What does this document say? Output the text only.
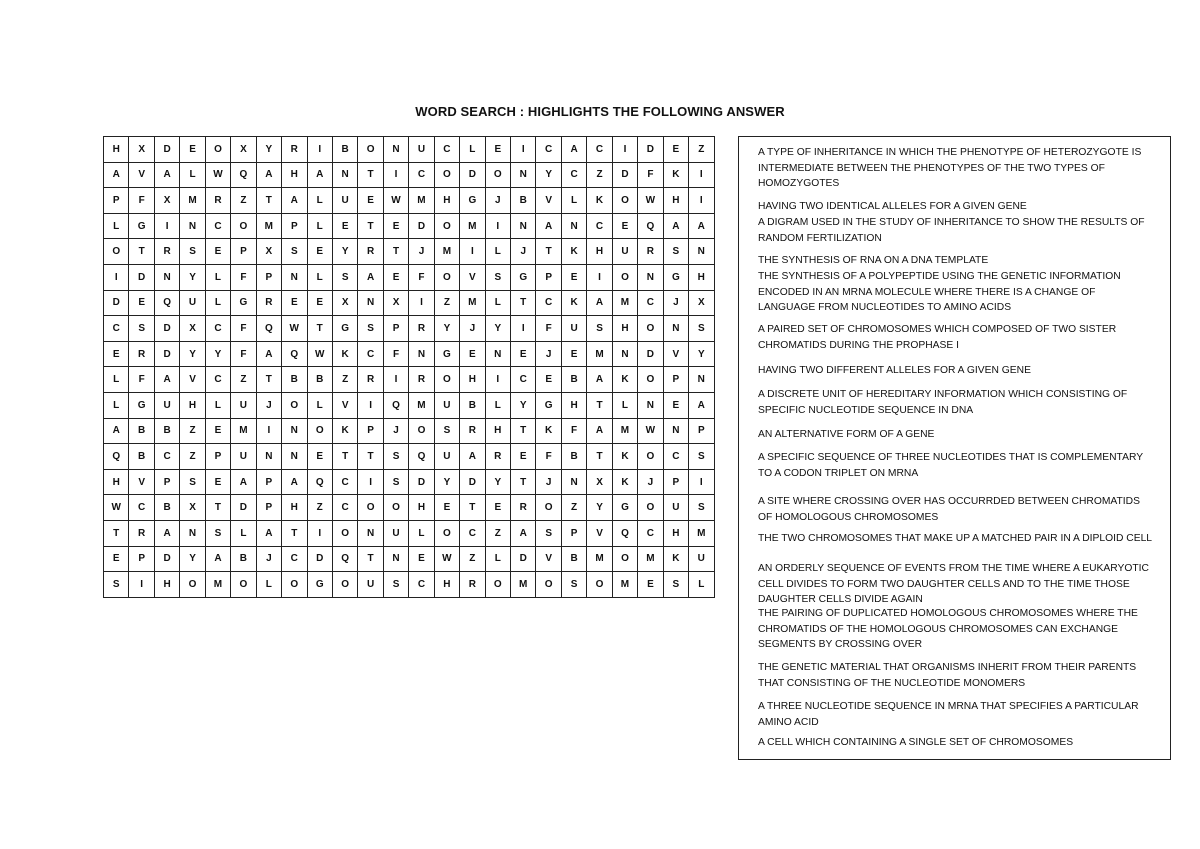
WORD SEARCH : HIGHLIGHTS THE FOLLOWING ANSWER
H	X	D	E	O	X	Y	R	I	B	O	N	U	C	L	E	I	C	A	C	I	D	E	Z
A	V	A	L	W	Q	A	H	A	N	T	I	C	O	D	O	N	Y	C	Z	D	F	K	I
P	F	X	M	R	Z	T	A	L	U	E	W	M	H	G	J	B	V	L	K	O	W	H	I
L	G	I	N	C	O	M	P	L	E	T	E	D	O	M	I	N	A	N	C	E	Q	A	A
O	T	R	S	E	P	X	S	E	Y	R	T	J	M	I	L	J	T	K	H	U	R	S	N
I	D	N	Y	L	F	P	N	L	S	A	E	F	O	V	S	G	P	E	I	O	N	G	H
D	E	Q	U	L	G	R	E	E	X	N	X	I	Z	M	L	T	C	K	A	M	C	J	X
C	S	D	X	C	F	Q	W	T	G	S	P	R	Y	J	Y	I	F	U	S	H	O	N	S
E	R	D	Y	Y	F	A	Q	W	K	C	F	N	G	E	N	E	J	E	M	N	D	V	Y
L	F	A	V	C	Z	T	B	B	Z	R	I	R	O	H	I	C	E	B	A	K	O	P	N
L	G	U	H	L	U	J	O	L	V	I	Q	M	U	B	L	Y	G	H	T	L	N	E	A
A	B	B	Z	E	M	I	N	O	K	P	J	O	S	R	H	T	K	F	A	M	W	N	P
Q	B	C	Z	P	U	N	N	E	T	T	S	Q	U	A	R	E	F	B	T	K	O	C	S
H	V	P	S	E	A	P	A	Q	C	I	S	D	Y	D	Y	T	J	N	X	K	J	P	I
W	C	B	X	T	D	P	H	Z	C	O	O	H	E	T	E	R	O	Z	Y	G	O	U	S
T	R	A	N	S	L	A	T	I	O	N	U	L	O	C	Z	A	S	P	V	Q	C	H	M
E	P	D	Y	A	B	J	C	D	Q	T	N	E	W	Z	L	D	V	B	M	O	M	K	U
S	I	H	O	M	O	L	O	G	O	U	S	C	H	R	O	M	O	S	O	M	E	S	L
A TYPE OF INHERITANCE IN WHICH THE PHENOTYPE OF HETEROZYGOTE IS INTERMEDIATE BETWEEN THE PHENOTYPES OF THE TWO TYPES OF HOMOZYGOTES
HAVING TWO IDENTICAL ALLELES FOR A GIVEN GENE
A DIGRAM USED IN THE STUDY OF INHERITANCE TO SHOW THE RESULTS OF RANDOM FERTILIZATION
THE SYNTHESIS OF RNA ON A DNA TEMPLATE
THE SYNTHESIS OF A POLYPEPTIDE USING THE GENETIC INFORMATION ENCODED IN AN MRNA MOLECULE WHERE THERE IS A CHANGE OF LANGUAGE FROM NUCLEOTIDES TO AMINO ACIDS
A PAIRED SET OF CHROMOSOMES WHICH COMPOSED OF TWO SISTER CHROMATIDS DURING THE PROPHASE I
HAVING TWO DIFFERENT ALLELES FOR A GIVEN GENE
A DISCRETE UNIT OF HEREDITARY INFORMATION WHICH CONSISTING OF SPECIFIC NUCLEOTIDE SEQUENCE IN DNA
AN ALTERNATIVE FORM OF A GENE
A SPECIFIC SEQUENCE OF THREE NUCLEOTIDES THAT IS COMPLEMENTARY TO A CODON TRIPLET ON MRNA
A SITE WHERE CROSSING OVER HAS OCCURRDED BETWEEN CHROMATIDS OF HOMOLOGOUS CHROMOSOMES
THE TWO CHROMOSOMES THAT MAKE UP A MATCHED PAIR IN A DIPLOID CELL
AN ORDERLY SEQUENCE OF EVENTS FROM THE TIME WHERE A EUKARYOTIC CELL DIVIDES TO FORM TWO DAUGHTER CELLS AND TO THE TIME THOSE DAUGHTER CELLS DIVIDE AGAIN
THE PAIRING OF DUPLICATED HOMOLOGOUS CHROMOSOMES WHERE THE CHROMATIDS OF THE HOMOLOGOUS CHROMOSOMES CAN EXCHANGE SEGMENTS BY CROSSING OVER
THE GENETIC MATERIAL THAT ORGANISMS INHERIT FROM THEIR PARENTS THAT CONSISTING OF THE NUCLEOTIDE MONOMERS
A THREE NUCLEOTIDE SEQUENCE IN MRNA THAT SPECIFIES A PARTICULAR AMINO ACID
A CELL WHICH CONTAINING A SINGLE SET OF CHROMOSOMES
